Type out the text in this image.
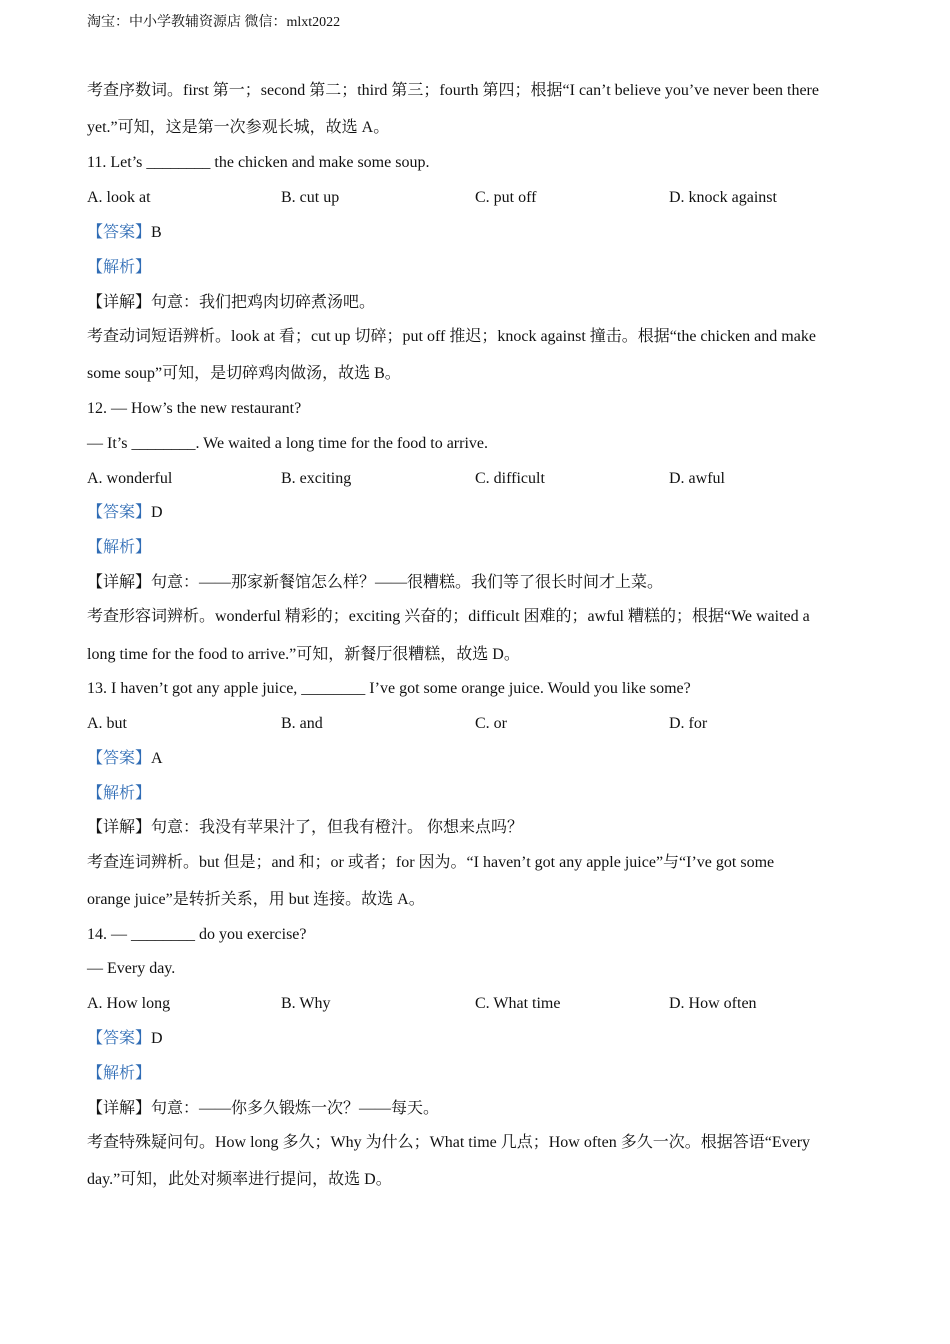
淘宝：中小学教辅资源店 微信：mlxt2022
考查序数词。first 第一；second 第二；third 第三；fourth 第四；根据“I can’t believe you’ve never been there
yet.”可知，这是第一次参观长城，故选 A。
11. Let’s ________ the chicken and make some soup.
A. look at	B. cut up	C. put off	D. knock against
【答案】B
【解析】
【详解】句意：我们把鸡肉切碎煮汤吧。
考查动词短语辨析。look at 看；cut up 切碎；put off 推迟；knock against 撞击。根据“the chicken and make
some soup”可知，是切碎鸡肉做汤，故选 B。
12. — How’s the new restaurant?
— It’s ________. We waited a long time for the food to arrive.
A. wonderful	B. exciting	C. difficult	D. awful
【答案】D
【解析】
【详解】句意：——那家新餐馆怎么样？——很糟糕。我们等了很长时间才上菜。
考查形容词辨析。wonderful 精彩的；exciting 兴奋的；difficult 困难的；awful 糟糕的；根据“We waited a
long time for the food to arrive.”可知，新餐厅很糟糕，故选 D。
13. I haven’t got any apple juice, ________ I’ve got some orange juice. Would you like some?
A. but	B. and	C. or	D. for
【答案】A
【解析】
【详解】句意：我没有苹果汁了，但我有橙汁。 你想来点吗？
考查连词辨析。but 但是；and 和；or 或者；for 因为。“I haven’t got any apple juice”与“I’ve got some
orange juice”是转折关系，用 but 连接。故选 A。
14. — ________ do you exercise?
— Every day.
A. How long	B. Why	C. What time	D. How often
【答案】D
【解析】
【详解】句意：——你多久锻炼一次？——每天。
考查特殊疑问句。How long 多久；Why 为什么；What time 几点；How often 多久一次。根据答语“Every
day.”可知，此处对频率进行提问，故选 D。
